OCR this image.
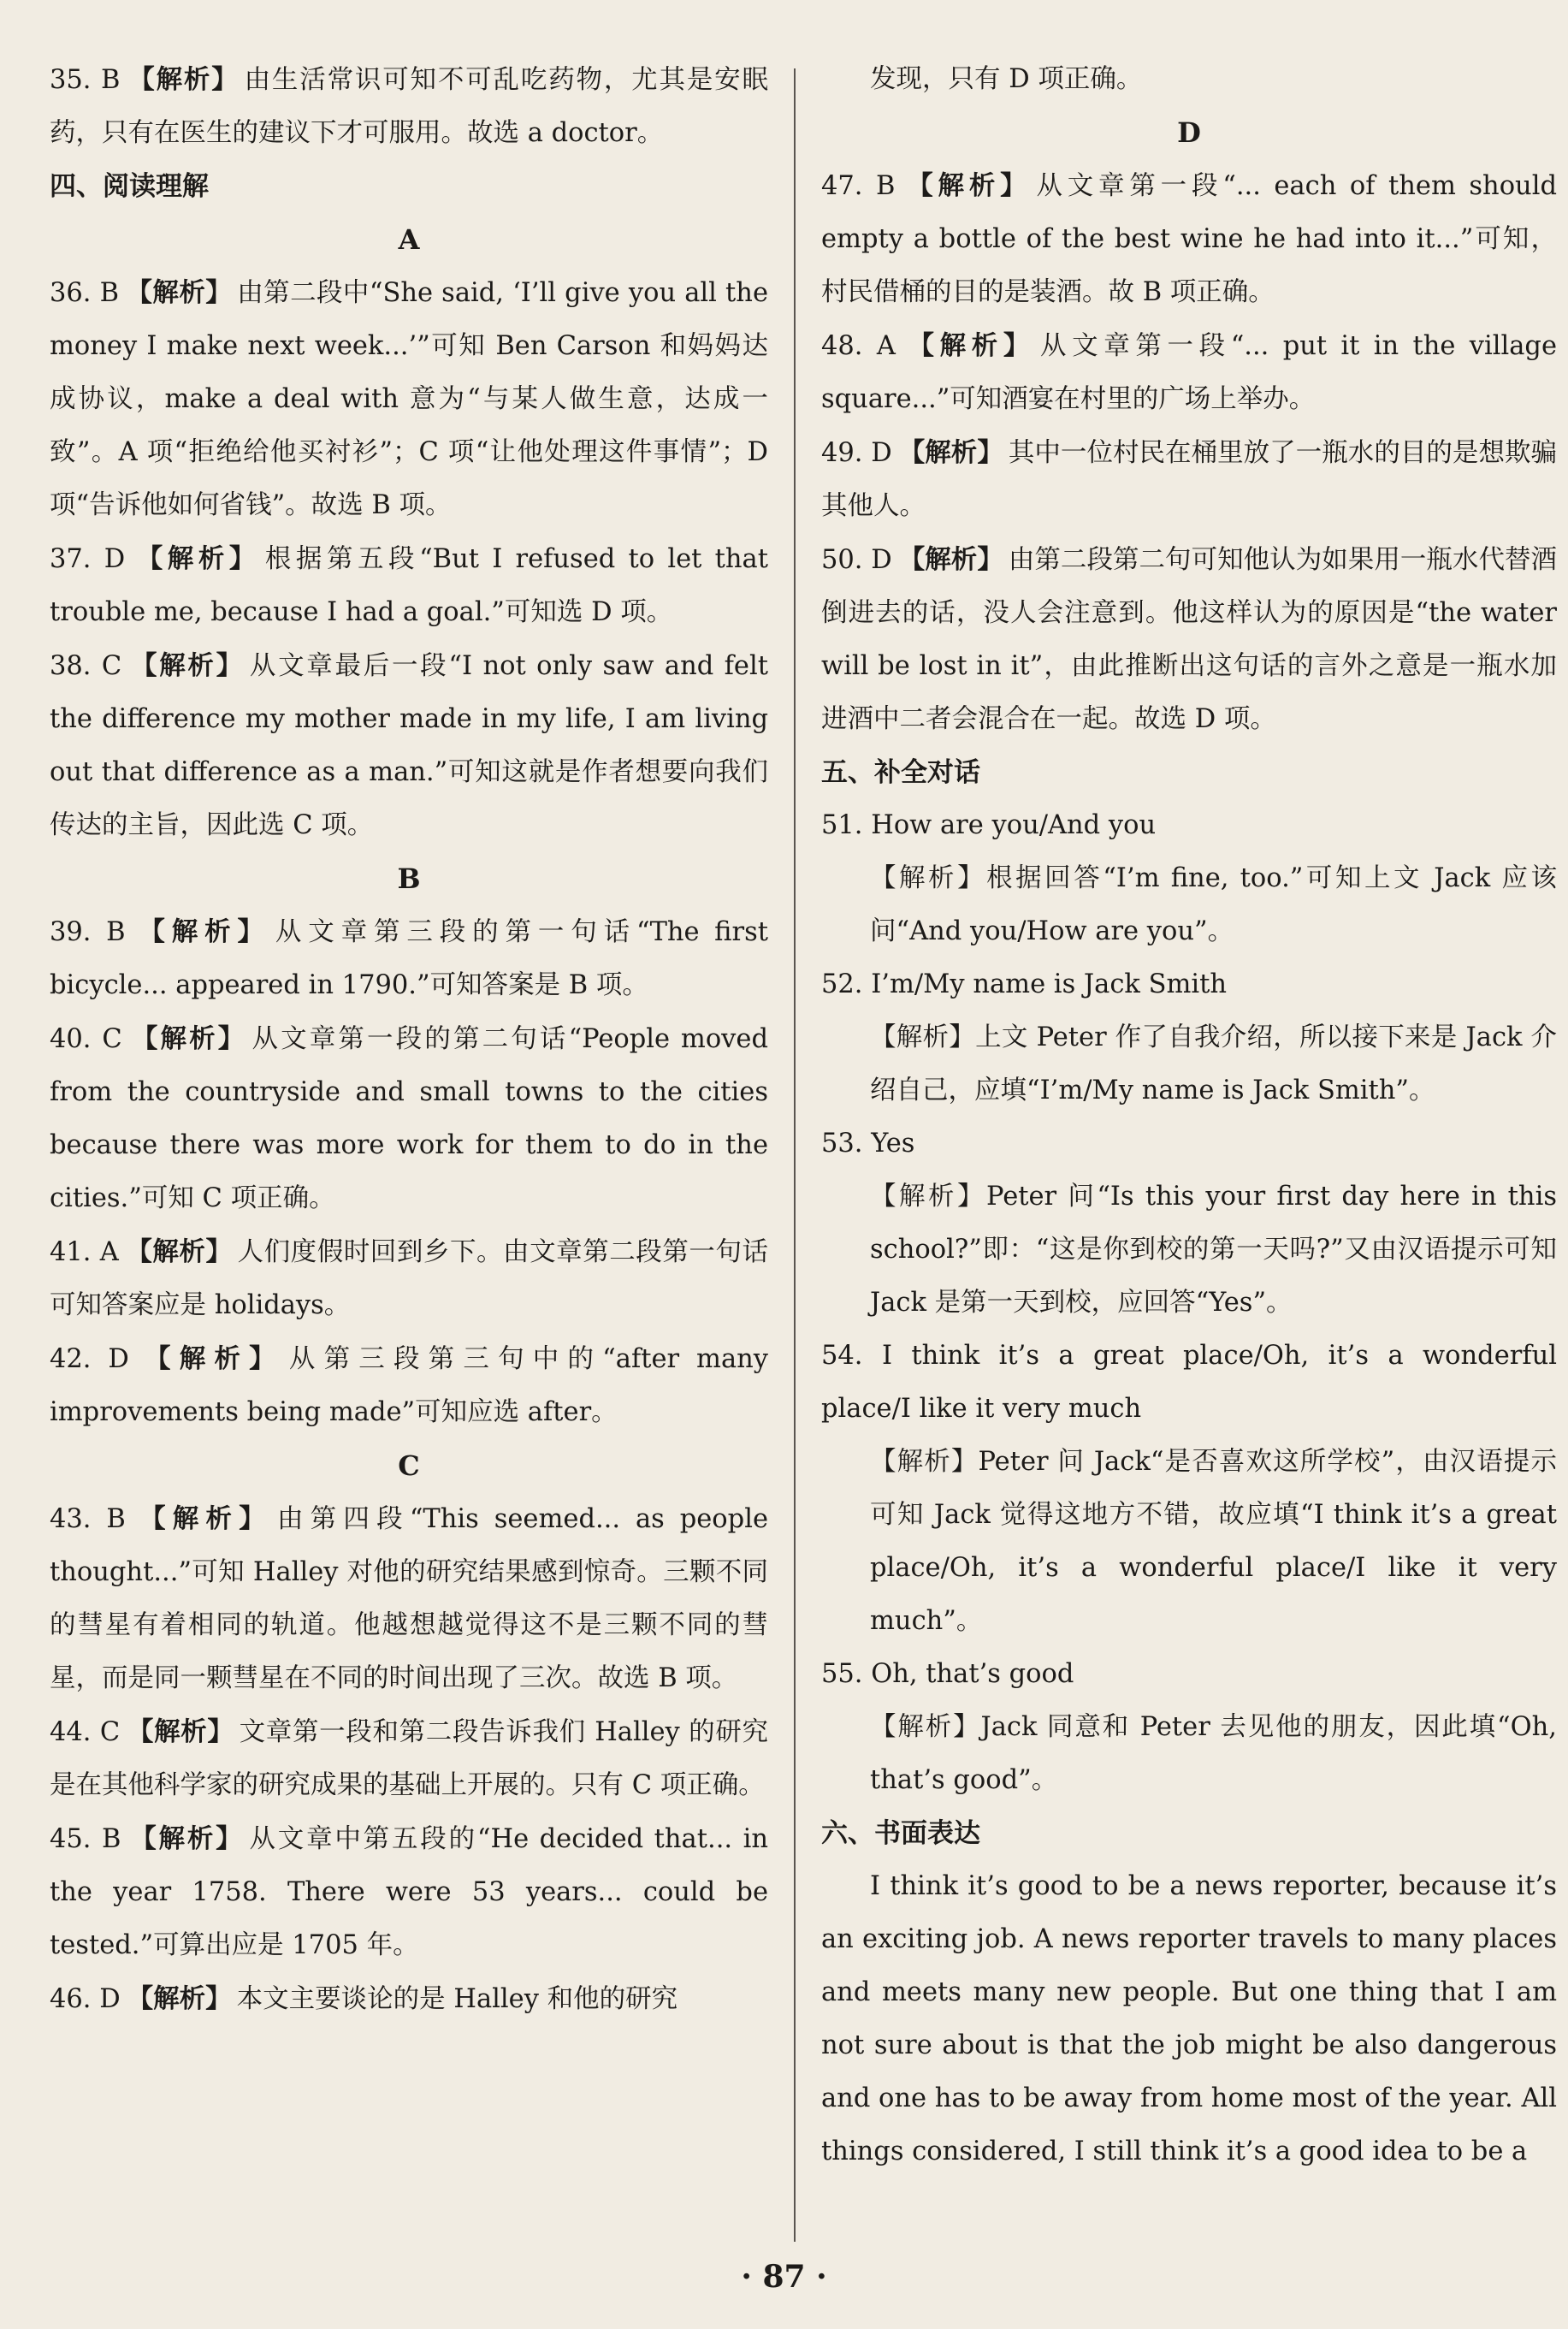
35. B 【解析】 由生活常识可知不可乱吃药物，尤其是安眠药，只有在医生的建议下才可服用。故选 a doctor。

四、阅读理解

A

36. B 【解析】 由第二段中“She said, ‘I’ll give you all the money I make next week...’”可知 Ben Carson 和妈妈达成协议，make a deal with 意为“与某人做生意，达成一致”。A 项“拒绝给他买衬衫”；C 项“让他处理这件事情”；D 项“告诉他如何省钱”。故选 B 项。

37. D 【解析】 根据第五段“But I refused to let that trouble me, because I had a goal.”可知选 D 项。

38. C 【解析】 从文章最后一段“I not only saw and felt the difference my mother made in my life, I am living out that difference as a man.”可知这就是作者想要向我们传达的主旨，因此选 C 项。

B

39. B 【解析】 从文章第三段的第一句话“The first bicycle... appeared in 1790.”可知答案是 B 项。

40. C 【解析】 从文章第一段的第二句话“People moved from the countryside and small towns to the cities because there was more work for them to do in the cities.”可知 C 项正确。

41. A 【解析】 人们度假时回到乡下。由文章第二段第一句话可知答案应是 holidays。

42. D 【解析】 从第三段第三句中的“after many improvements being made”可知应选 after。

C

43. B 【解析】 由第四段“This seemed... as people thought...”可知 Halley 对他的研究结果感到惊奇。三颗不同的彗星有着相同的轨道。他越想越觉得这不是三颗不同的彗星，而是同一颗彗星在不同的时间出现了三次。故选 B 项。

44. C 【解析】 文章第一段和第二段告诉我们 Halley 的研究是在其他科学家的研究成果的基础上开展的。只有 C 项正确。

45. B 【解析】 从文章中第五段的“He decided that... in the year 1758. There were 53 years... could be tested.”可算出应是 1705 年。

46. D 【解析】 本文主要谈论的是 Halley 和他的研究

发现，只有 D 项正确。

D

47. B 【解析】 从文章第一段“... each of them should empty a bottle of the best wine he had into it...”可知，村民借桶的目的是装酒。故 B 项正确。

48. A 【解析】 从文章第一段“... put it in the village square...”可知酒宴在村里的广场上举办。

49. D 【解析】 其中一位村民在桶里放了一瓶水的目的是想欺骗其他人。

50. D 【解析】 由第二段第二句可知他认为如果用一瓶水代替酒倒进去的话，没人会注意到。他这样认为的原因是“the water will be lost in it”，由此推断出这句话的言外之意是一瓶水加进酒中二者会混合在一起。故选 D 项。

五、补全对话

51. How are you/And you

【解析】根据回答“I’m fine, too.”可知上文 Jack 应该问“And you/How are you”。

52. I’m/My name is Jack Smith

【解析】上文 Peter 作了自我介绍，所以接下来是 Jack 介绍自己，应填“I’m/My name is Jack Smith”。

53. Yes

【解析】Peter 问“Is this your first day here in this school?”即：“这是你到校的第一天吗?”又由汉语提示可知 Jack 是第一天到校，应回答“Yes”。

54. I think it’s a great place/Oh, it’s a wonderful place/I like it very much

【解析】Peter 问 Jack“是否喜欢这所学校”，由汉语提示可知 Jack 觉得这地方不错，故应填“I think it’s a great place/Oh, it’s a wonderful place/I like it very much”。

55. Oh, that’s good

【解析】Jack 同意和 Peter 去见他的朋友，因此填“Oh, that’s good”。

六、书面表达

I think it’s good to be a news reporter, because it’s an exciting job. A news reporter travels to many places and meets many new people. But one thing that I am not sure about is that the job might be also dangerous and one has to be away from home most of the year. All things considered, I still think it’s a good idea to be a

· 87 ·
